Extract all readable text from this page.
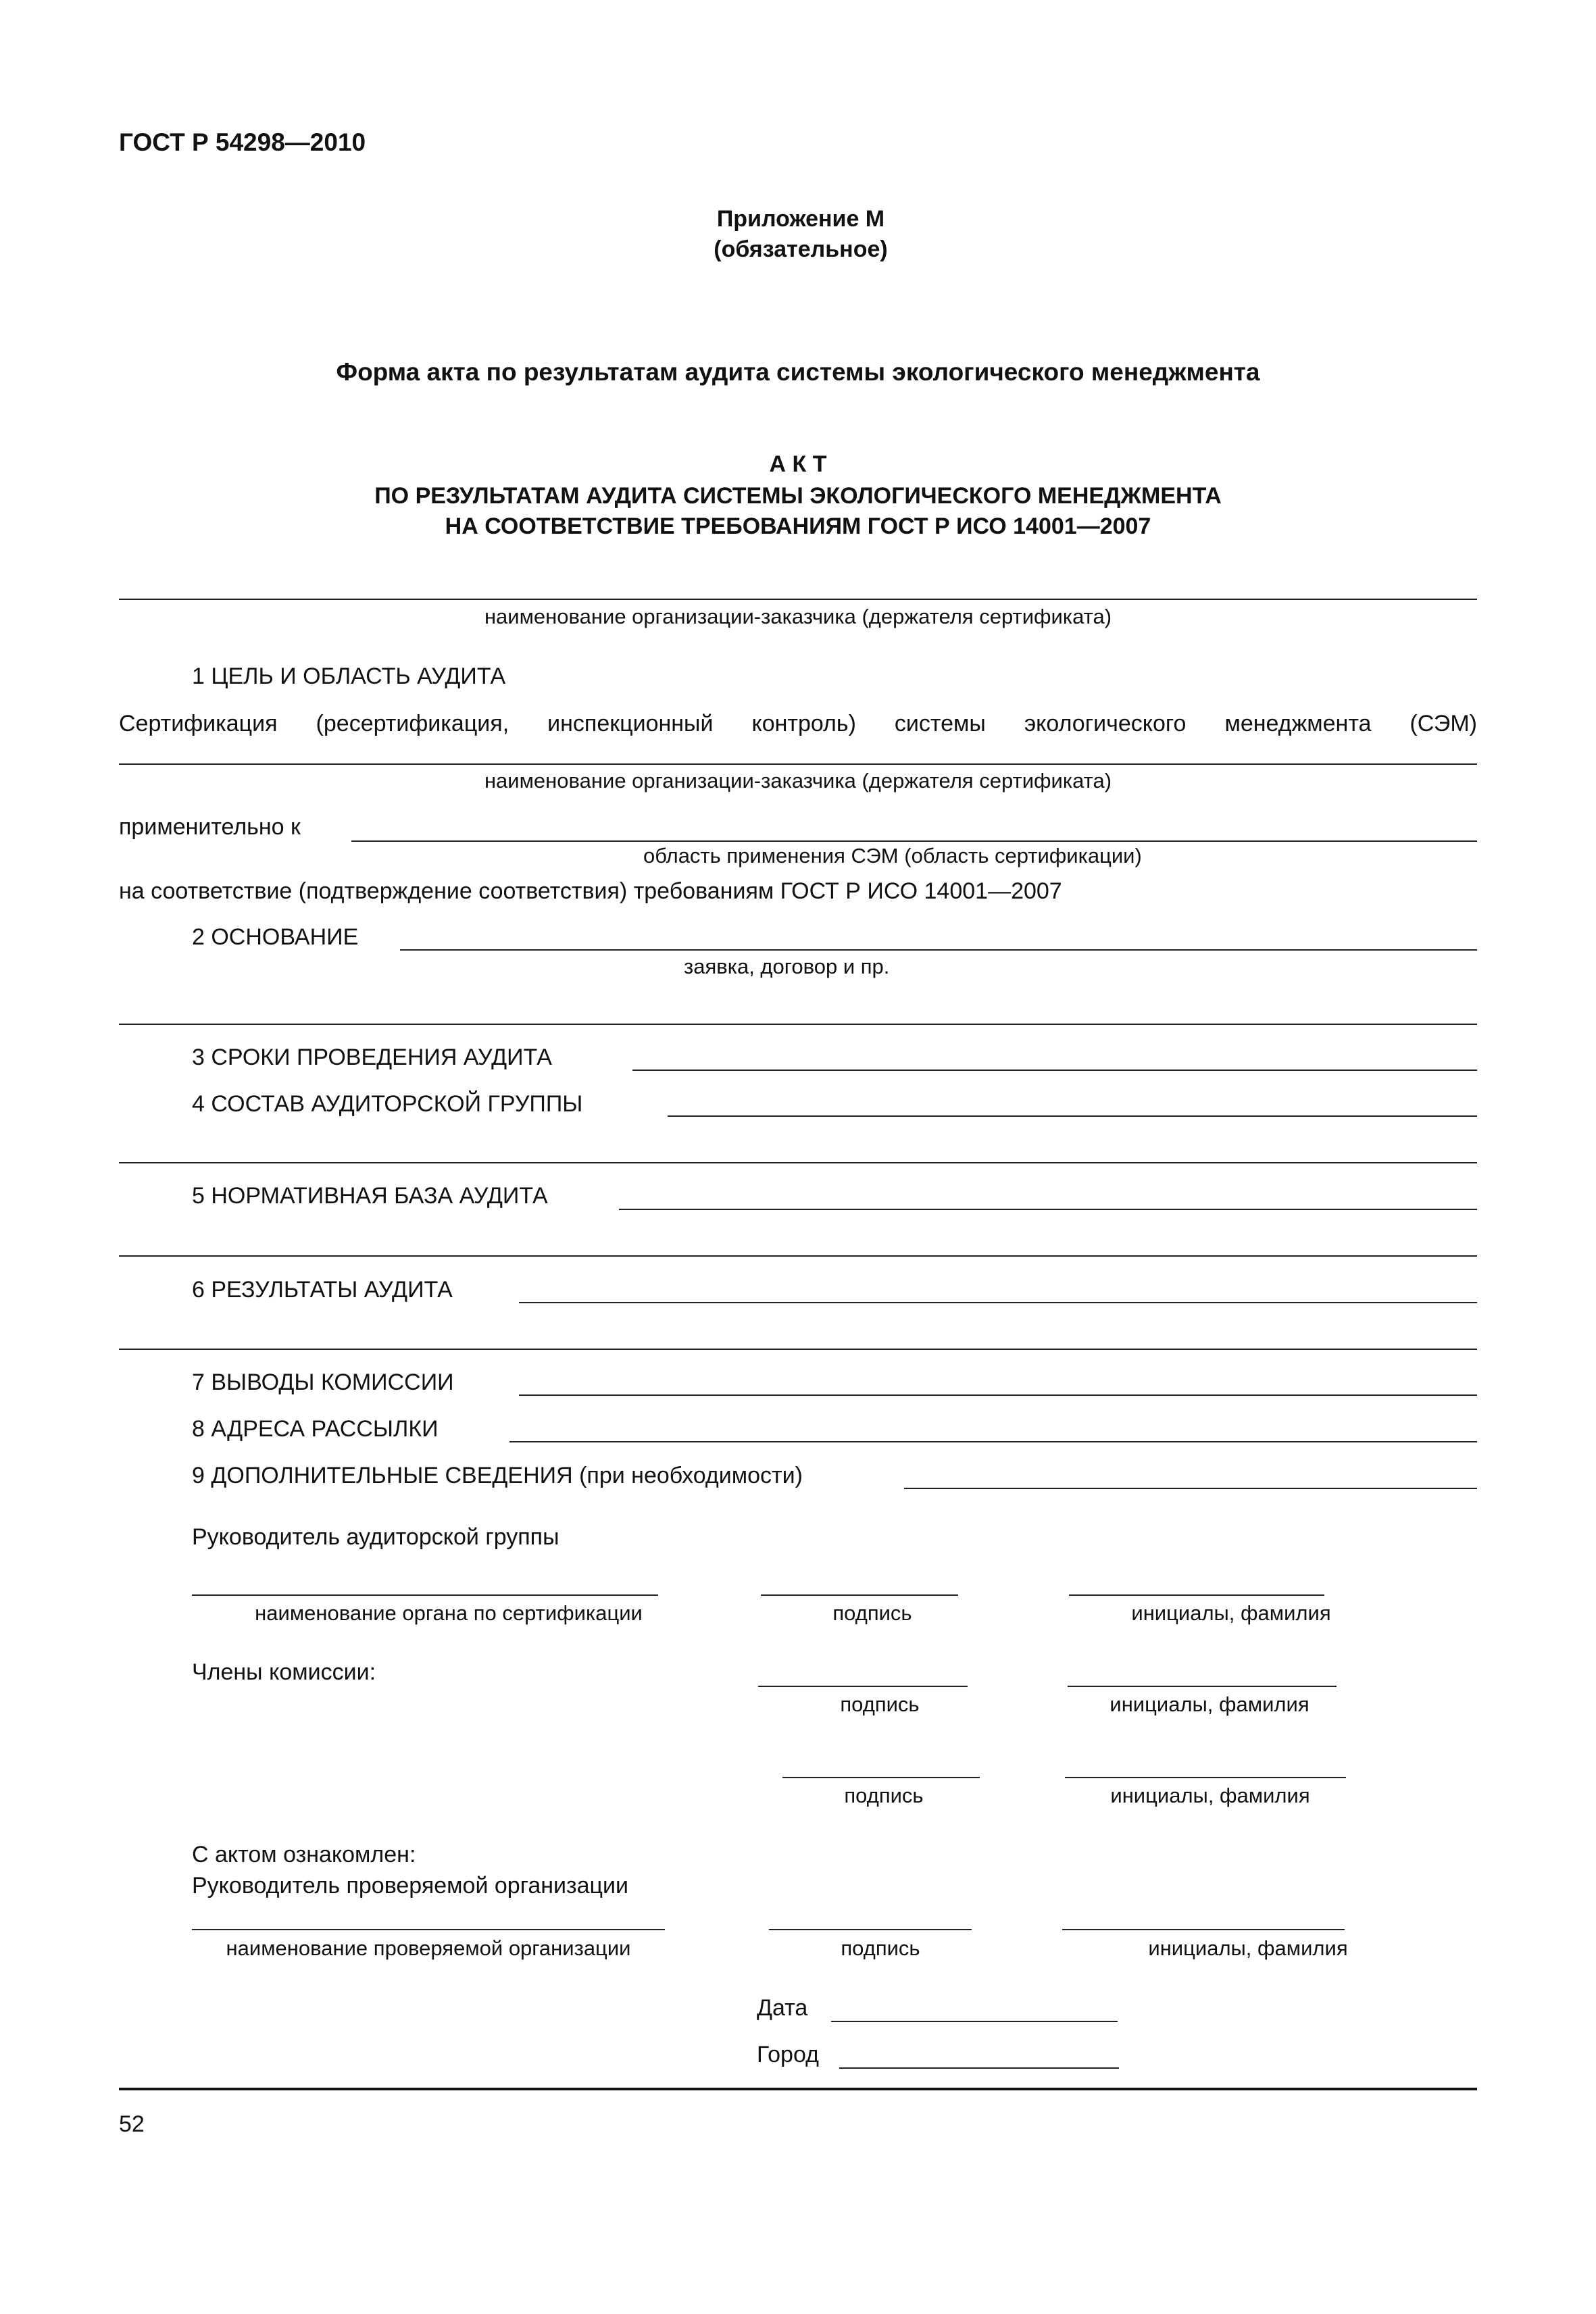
ГОСТ Р 54298—2010
Приложение М
(обязательное)
Форма акта по результатам аудита системы экологического менеджмента
А К Т
ПО РЕЗУЛЬТАТАМ АУДИТА СИСТЕМЫ ЭКОЛОГИЧЕСКОГО МЕНЕДЖМЕНТА
НА СООТВЕТСТВИЕ ТРЕБОВАНИЯМ ГОСТ Р ИСО 14001—2007
наименование организации-заказчика (держателя сертификата)
1 ЦЕЛЬ И ОБЛАСТЬ АУДИТА
Сертификация (ресертификация, инспекционный контроль) системы экологического менеджмента (СЭМ)
наименование организации-заказчика (держателя сертификата)
применительно к
область применения СЭМ (область сертификации)
на соответствие (подтверждение соответствия) требованиям ГОСТ Р ИСО 14001—2007
2 ОСНОВАНИЕ
заявка, договор и пр.
3 СРОКИ ПРОВЕДЕНИЯ АУДИТА
4 СОСТАВ АУДИТОРСКОЙ ГРУППЫ
5 НОРМАТИВНАЯ БАЗА АУДИТА
6 РЕЗУЛЬТАТЫ АУДИТА
7 ВЫВОДЫ КОМИССИИ
8 АДРЕСА РАССЫЛКИ
9 ДОПОЛНИТЕЛЬНЫЕ СВЕДЕНИЯ (при необходимости)
Руководитель аудиторской группы
наименование органа по сертификации	подпись	инициалы, фамилия
Члены комиссии:
подпись	инициалы, фамилия
подпись	инициалы, фамилия
С актом ознакомлен:
Руководитель проверяемой организации
наименование проверяемой организации	подпись	инициалы, фамилия
Дата
Город
52
